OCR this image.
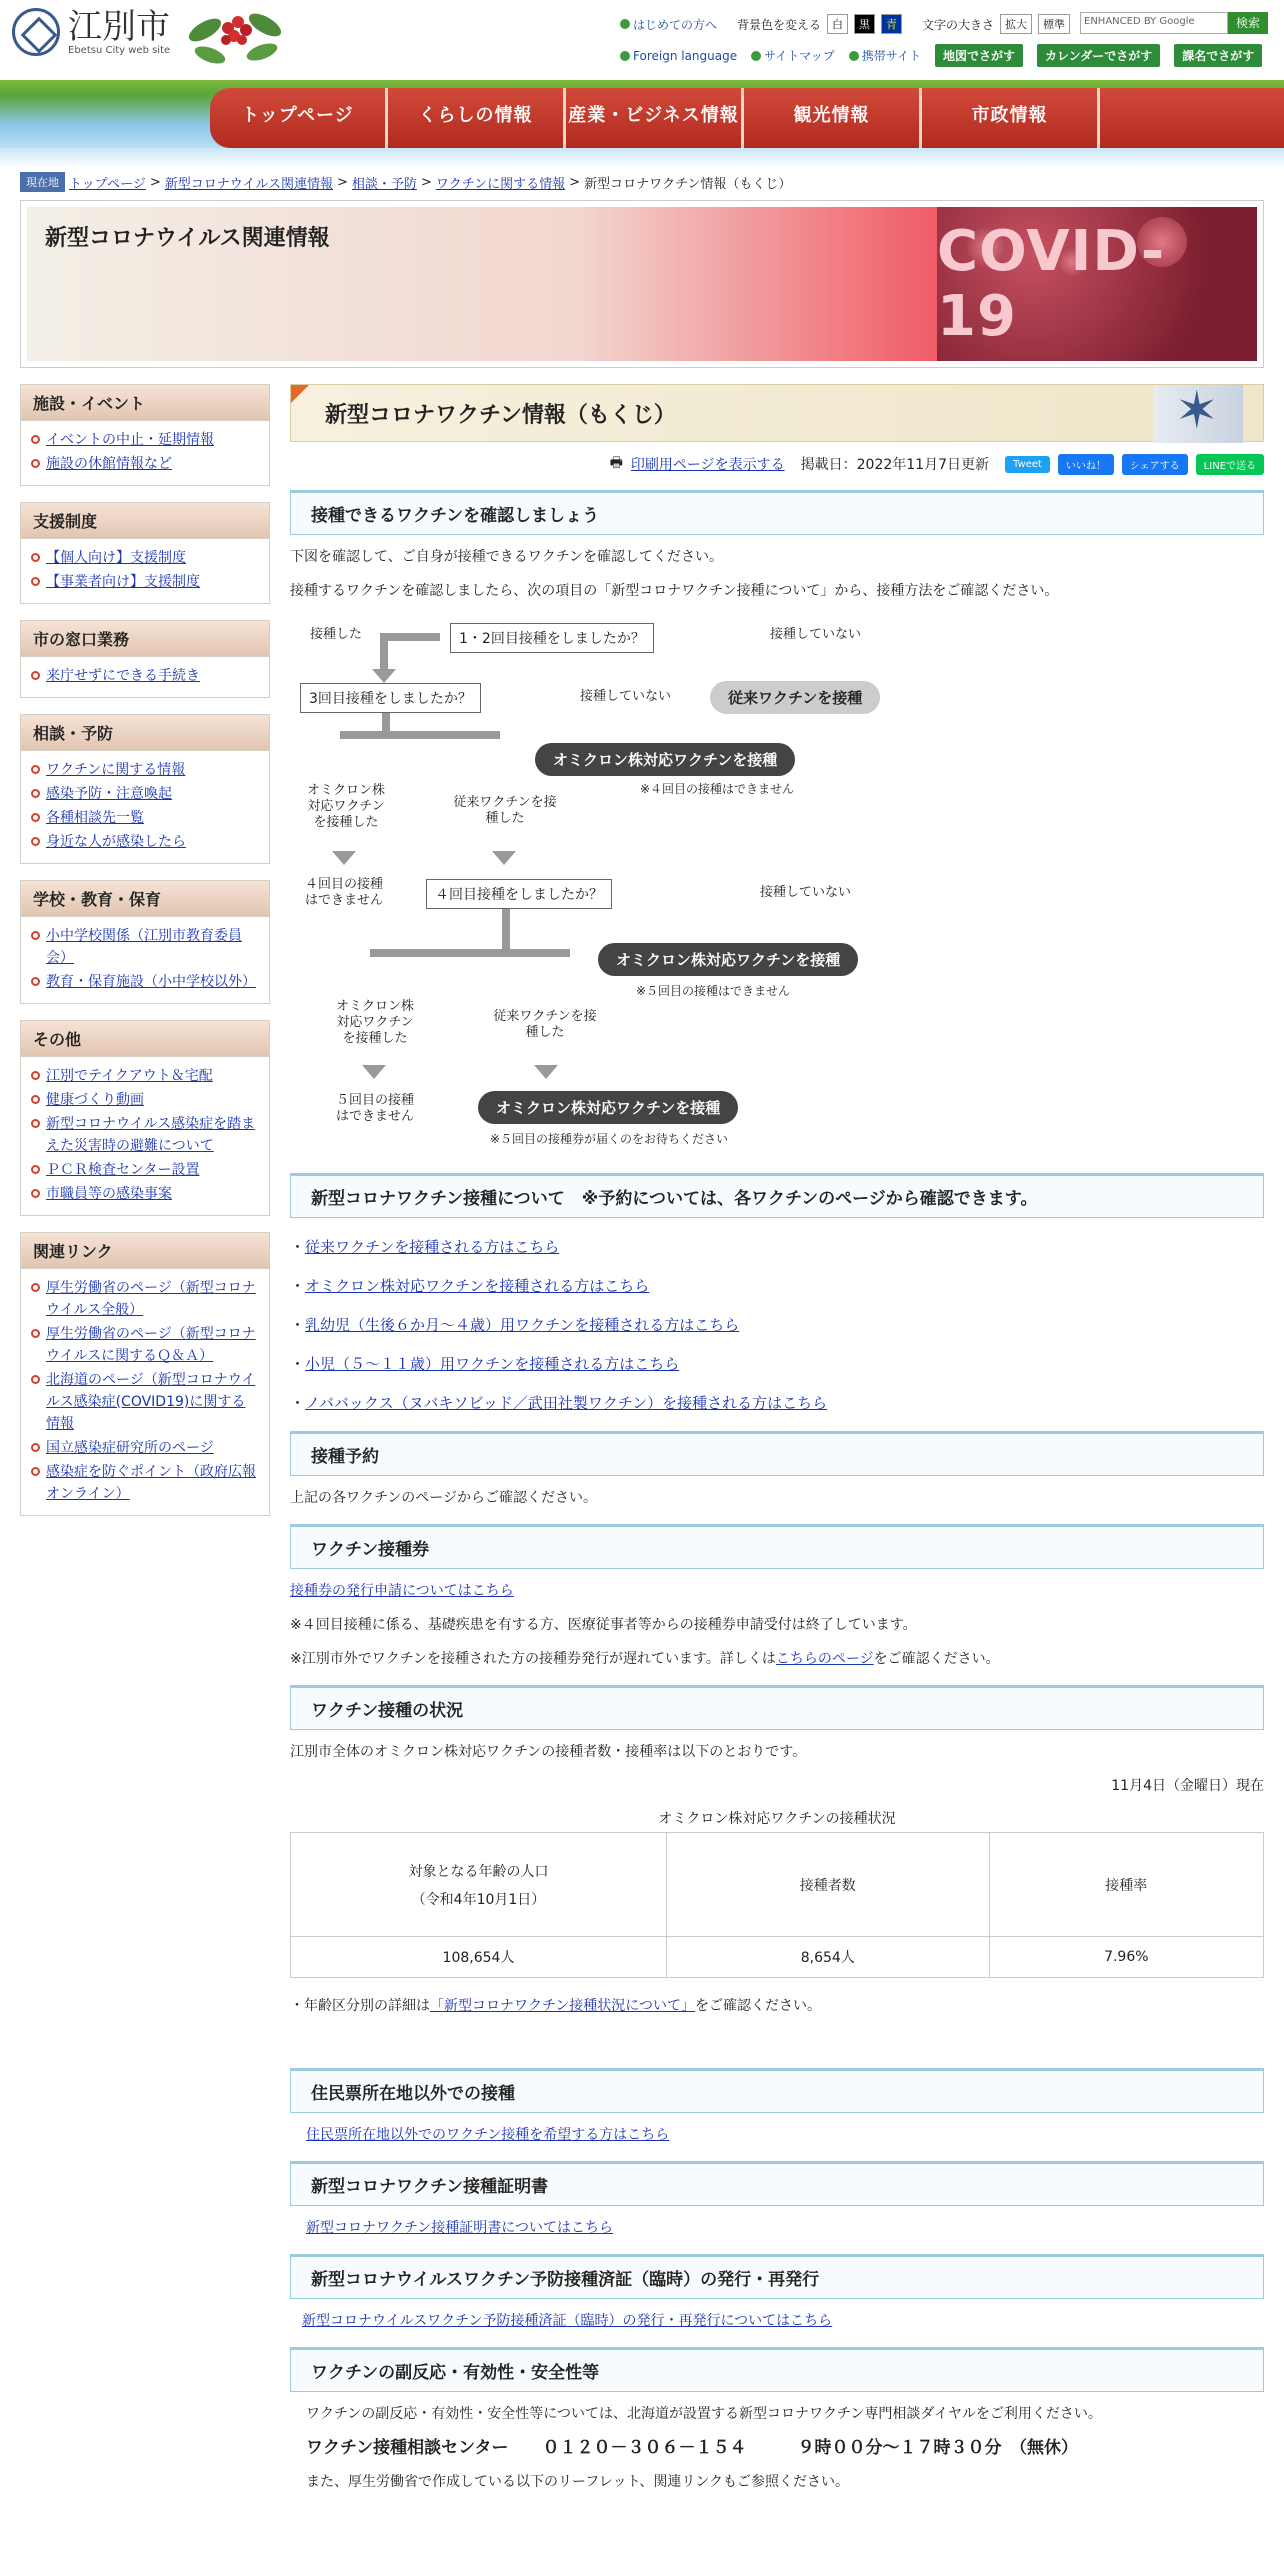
江別市
Ebetsu City web site
はじめての方へ 背景色を変える	白	黒	青	文字の大きさ	拡大	標準	ENHANCED BY Google	検索
Foreign language サイトマップ 携帯サイト	地図でさがす	カレンダーでさがす	課名でさがす
トップページ	くらしの情報	産業・ビジネス情報	観光情報	市政情報
現在地 トップページ > 新型コロナウイルス関連情報 > 相談・予防 > ワクチンに関する情報 > 新型コロナワクチン情報（もくじ）
新型コロナウイルス関連情報	COVID-19
施設・イベント
イベントの中止・延期情報
施設の休館情報など
支援制度
【個人向け】支援制度
【事業者向け】支援制度
市の窓口業務
来庁せずにできる手続き
相談・予防
ワクチンに関する情報
感染予防・注意喚起
各種相談先一覧
身近な人が感染したら
学校・教育・保育
小中学校関係（江別市教育委員会）
教育・保育施設（小中学校以外）
その他
江別でテイクアウト＆宅配
健康づくり動画
新型コロナウイルス感染症を踏まえた災害時の避難について
ＰＣＲ検査センター設置
市職員等の感染事案
関連リンク
厚生労働省のページ（新型コロナウイルス全般）
厚生労働省のページ（新型コロナウイルスに関するＱ＆Ａ）
北海道のページ（新型コロナウイルス感染症(COVID19)に関する情報
国立感染症研究所のページ
感染症を防ぐポイント（政府広報オンライン）
新型コロナワクチン情報（もくじ）
✶
🖶 印刷用ページを表示する 掲載日：2022年11月7日更新	Tweet	いいね！	シェアする	LINEで送る
接種できるワクチンを確認しましょう
下図を確認して、ご自身が接種できるワクチンを確認してください。
接種するワクチンを確認しましたら、次の項目の「新型コロナワクチン接種について」から、接種方法をご確認ください。
接種した	1・2回目接種をしましたか？	接種していない
3回目接種をしましたか？	接種していない	従来ワクチンを接種
オミクロン株対応ワクチンを接種
※４回目の接種はできません
オミクロン株対応ワクチンを接種した
従来ワクチンを接種した
４回目の接種はできません	４回目接種をしましたか？	接種していない
オミクロン株対応ワクチンを接種
※５回目の接種はできません
オミクロン株対応ワクチンを接種した
従来ワクチンを接種した
５回目の接種はできません	オミクロン株対応ワクチンを接種
※５回目の接種券が届くのをお待ちください
新型コロナワクチン接種について　※予約については、各ワクチンのページから確認できます。
・従来ワクチンを接種される方はこちら
・オミクロン株対応ワクチンを接種される方はこちら
・乳幼児（生後６か月～４歳）用ワクチンを接種される方はこちら
・小児（５～１１歳）用ワクチンを接種される方はこちら
・ノババックス（ヌバキソビッド／武田社製ワクチン）を接種される方はこちら
接種予約
上記の各ワクチンのページからご確認ください。
ワクチン接種券
接種券の発行申請についてはこちら
※４回目接種に係る、基礎疾患を有する方、医療従事者等からの接種券申請受付は終了しています。
※江別市外でワクチンを接種された方の接種券発行が遅れています。詳しくはこちらのページをご確認ください。
ワクチン接種の状況
江別市全体のオミクロン株対応ワクチンの接種者数・接種率は以下のとおりです。
11月4日（金曜日）現在
オミクロン株対応ワクチンの接種状況
対象となる年齢の人口
（令和4年10月1日）	接種者数	接種率
108,654人	8,654人	7.96%
・年齢区分別の詳細は「新型コロナワクチン接種状況について」をご確認ください。
住民票所在地以外での接種
住民票所在地以外でのワクチン接種を希望する方はこちら
新型コロナワクチン接種証明書
新型コロナワクチン接種証明書についてはこちら
新型コロナウイルスワクチン予防接種済証（臨時）の発行・再発行
新型コロナウイルスワクチン予防接種済証（臨時）の発行・再発行についてはこちら
ワクチンの副反応・有効性・安全性等
ワクチンの副反応・有効性・安全性等については、北海道が設置する新型コロナワクチン専門相談ダイヤルをご利用ください。
ワクチン接種相談センター　　０１２０－３０６－１５４　　　９時００分～１７時３０分　（無休）
また、厚生労働省で作成している以下のリーフレット、関連リンクもご参照ください。
